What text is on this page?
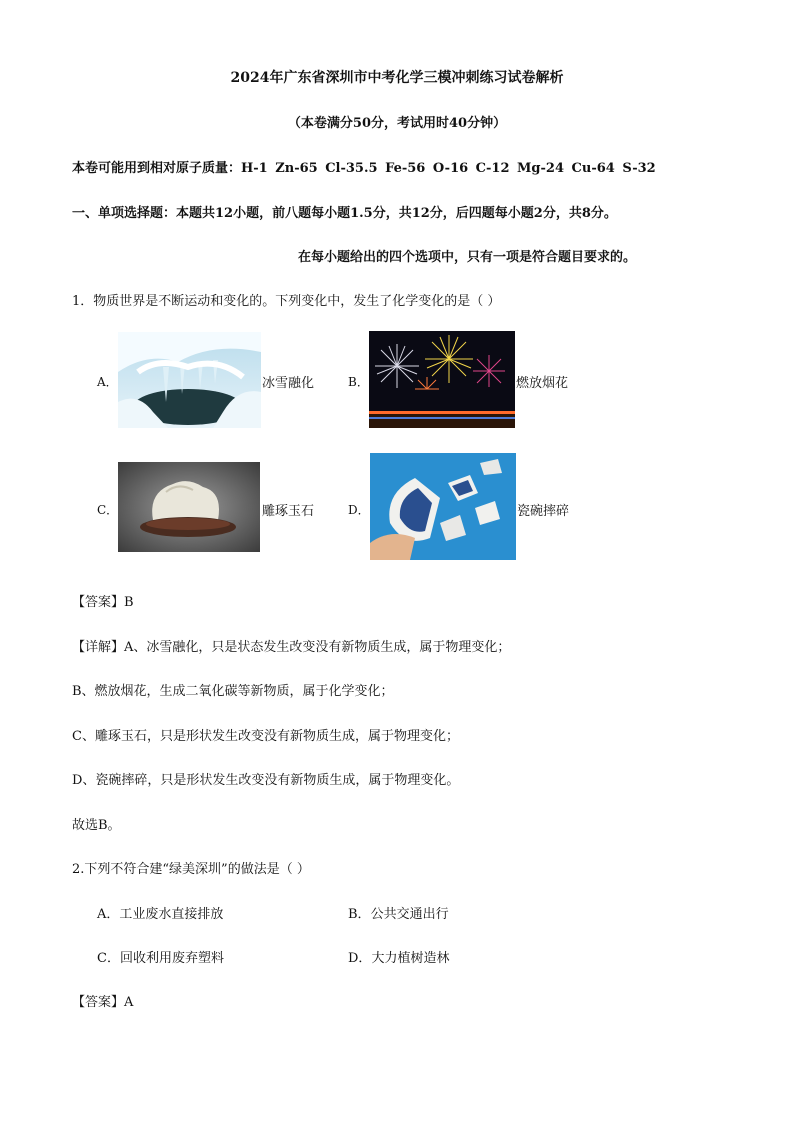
2024年广东省深圳市中考化学三模冲刺练习试卷解析
（本卷满分50分，考试用时40分钟）
本卷可能用到相对原子质量：H-1 Zn-65 Cl-35.5 Fe-56 O-16 C-12 Mg-24 Cu-64 S-32
一、单项选择题：本题共12小题，前八题每小题1.5分，共12分，后四题每小题2分，共8分。
在每小题给出的四个选项中，只有一项是符合题目要求的。
1．物质世界是不断运动和变化的。下列变化中，发生了化学变化的是（ ）
A．	冰雪融化	B．	燃放烟花
C．	雕琢玉石	D．	瓷碗摔碎
【答案】B
【详解】A、冰雪融化，只是状态发生改变没有新物质生成，属于物理变化；
B、燃放烟花，生成二氧化碳等新物质，属于化学变化；
C、雕琢玉石，只是形状发生改变没有新物质生成，属于物理变化；
D、瓷碗摔碎，只是形状发生改变没有新物质生成，属于物理变化。
故选B。
2.下列不符合建“绿美深圳”的做法是（ ）
A．工业废水直接排放	B．公共交通出行
C．回收利用废弃塑料	D．大力植树造林
【答案】A
